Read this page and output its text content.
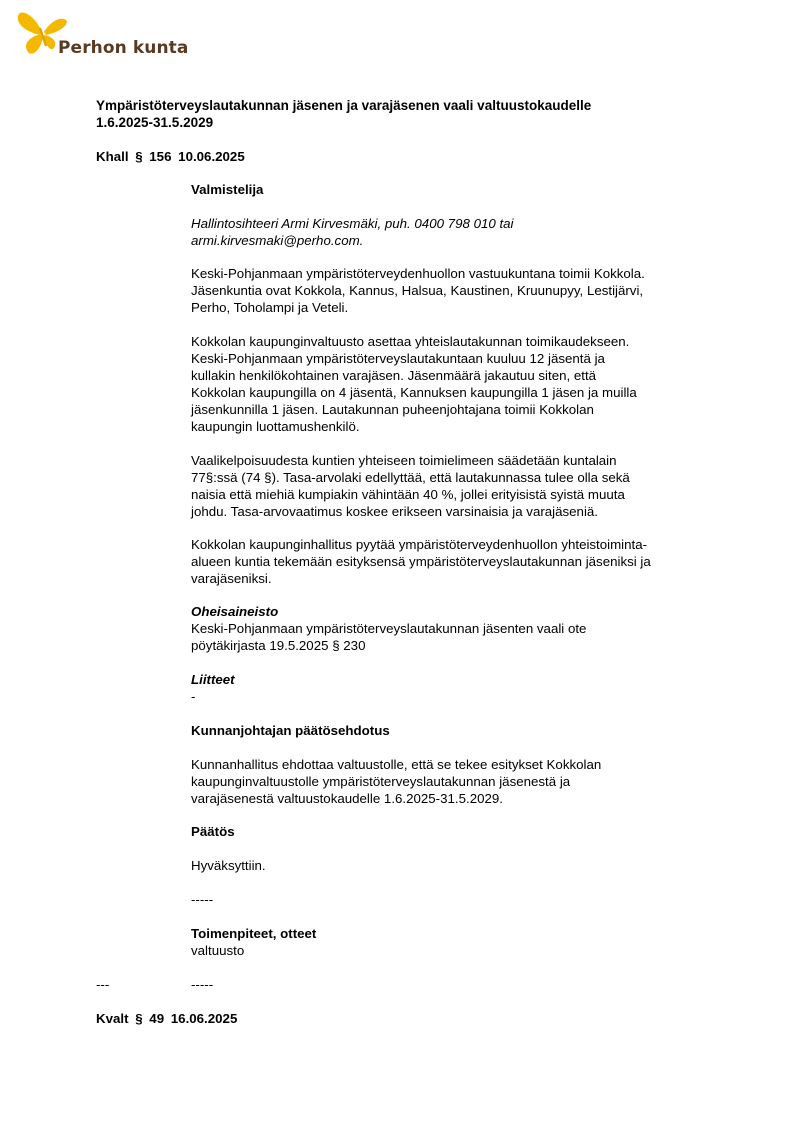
Perhon kunta

Ympäristöterveyslautakunnan jäsenen ja varajäsenen vaali valtuustokaudelle

1.6.2025-31.5.2029

Khall § 156 10.06.2025
Valmistelija

Hallintosihteeri Armi Kirvesmäki, puh. 0400 798 010 tai

armi.kirvesmaki@perho.com.

Keski-Pohjanmaan ympäristöterveydenhuollon vastuukuntana toimii Kokkola.

Jäsenkuntia ovat Kokkola, Kannus, Halsua, Kaustinen, Kruunupyy, Lestijärvi,

Perho, Toholampi ja Veteli.

Kokkolan kaupunginvaltuusto asettaa yhteislautakunnan toimikaudekseen.

Keski-Pohjanmaan ympäristöterveyslautakuntaan kuuluu 12 jäsentä ja

kullakin henkilökohtainen varajäsen. Jäsenmäärä jakautuu siten, että

Kokkolan kaupungilla on 4 jäsentä, Kannuksen kaupungilla 1 jäsen ja muilla

jäsenkunnilla 1 jäsen. Lautakunnan puheenjohtajana toimii Kokkolan

kaupungin luottamushenkilö.

Vaalikelpoisuudesta kuntien yhteiseen toimielimeen säädetään kuntalain

77§:ssä (74 §). Tasa-arvolaki edellyttää, että lautakunnassa tulee olla sekä

naisia että miehiä kumpiakin vähintään 40 %, jollei erityisistä syistä muuta

johdu. Tasa-arvovaatimus koskee erikseen varsinaisia ja varajäseniä.

Kokkolan kaupunginhallitus pyytää ympäristöterveydenhuollon yhteistoiminta-

alueen kuntia tekemään esityksensä ympäristöterveyslautakunnan jäseniksi ja

varajäseniksi.

Oheisaineisto

Keski-Pohjanmaan ympäristöterveyslautakunnan jäsenten vaali ote

pöytäkirjasta 19.5.2025 § 230

Liitteet
-
Kunnanjohtajan päätösehdotus

Kunnanhallitus ehdottaa valtuustolle, että se tekee esitykset Kokkolan

kaupunginvaltuustolle ympäristöterveyslautakunnan jäsenestä ja

varajäsenestä valtuustokaudelle 1.6.2025-31.5.2029.

Päätös
Hyväksyttiin.
-----
Toimenpiteet, otteet
valtuusto
---	-----
Kvalt § 49 16.06.2025
